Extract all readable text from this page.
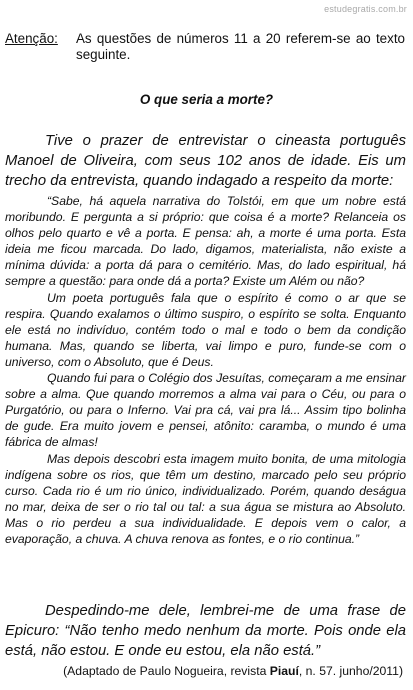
estudegratis.com.br
Atenção: As questões de números 11 a 20 referem-se ao texto seguinte.
O que seria a morte?

Tive o prazer de entrevistar o cineasta português Manoel de Oliveira, com seus 102 anos de idade. Eis um trecho da entrevista, quando indagado a respeito da morte:

“Sabe, há aquela narrativa do Tolstói, em que um nobre está moribundo. E pergunta a si próprio: que coisa é a morte? Relanceia os olhos pelo quarto e vê a porta. E pensa: ah, a morte é uma porta. Esta ideia me ficou marcada. Do lado, digamos, materialista, não existe a mínima dúvida: a porta dá para o cemitério. Mas, do lado espiritual, há sempre a questão: para onde dá a porta? Existe um Além ou não?

Um poeta português fala que o espírito é como o ar que se respira. Quando exalamos o último suspiro, o espírito se solta. Enquanto ele está no indivíduo, contém todo o mal e todo o bem da condição humana. Mas, quando se liberta, vai limpo e puro, funde-se com o universo, com o Absoluto, que é Deus.

Quando fui para o Colégio dos Jesuítas, começaram a me ensinar sobre a alma. Que quando morremos a alma vai para o Céu, ou para o Purgatório, ou para o Inferno. Vai pra cá, vai pra lá... Assim tipo bolinha de gude. Era muito jovem e pensei, atônito: caramba, o mundo é uma fábrica de almas!

Mas depois descobri esta imagem muito bonita, de uma mitologia indígena sobre os rios, que têm um destino, marcado pelo seu próprio curso. Cada rio é um rio único, individualizado. Porém, quando deságua no mar, deixa de ser o rio tal ou tal: a sua água se mistura ao Absoluto. Mas o rio perdeu a sua individualidade. E depois vem o calor, a evaporação, a chuva. A chuva renova as fontes, e o rio continua.”

Despedindo-me dele, lembrei-me de uma frase de Epicuro: “Não tenho medo nenhum da morte. Pois onde ela está, não estou. E onde eu estou, ela não está.”

(Adaptado de Paulo Nogueira, revista Piauí, n. 57. junho/2011)
